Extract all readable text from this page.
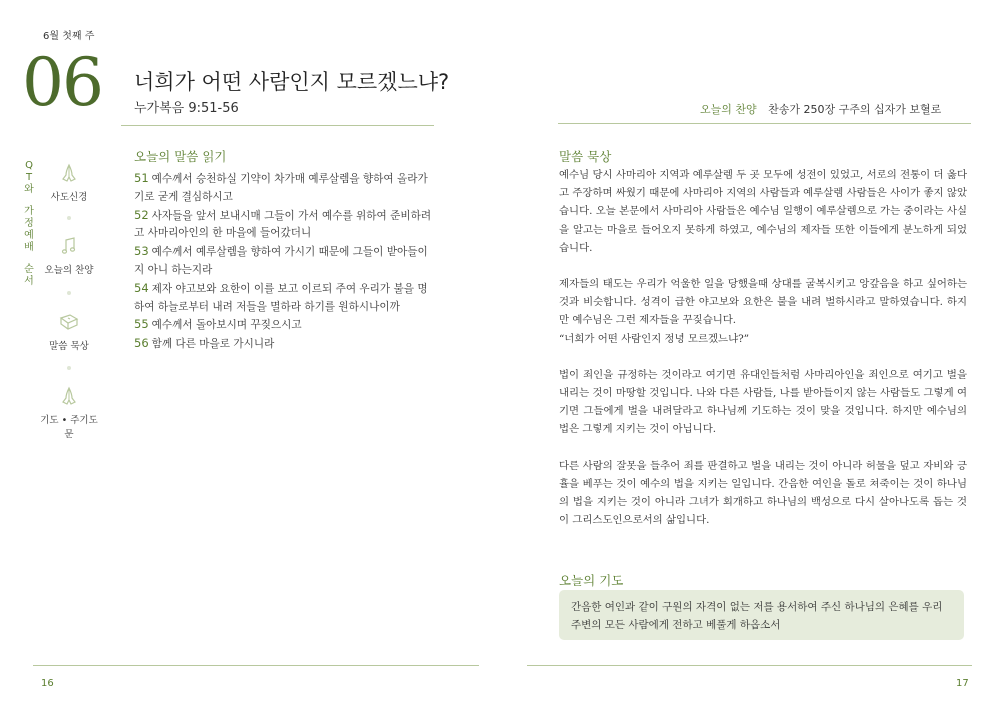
6월 첫째 주
06 너희가 어떤 사람인지 모르겠느냐?
누가복음 9:51-56	오늘의 찬양 찬송가 250장 구주의 십자가 보혈로
Q
T
와
가
정
예
배
순
서
사도신경
오늘의 찬양
말씀 묵상
기도 • 주기도문
오늘의 말씀 읽기
51 예수께서 승천하실 기약이 차가매 예루살렘을 향하여 올라가기로 굳게 결심하시고
52 사자들을 앞서 보내시매 그들이 가서 예수를 위하여 준비하려고 사마리아인의 한 마을에 들어갔더니
53 예수께서 예루살렘을 향하여 가시기 때문에 그들이 받아들이지 아니 하는지라
54 제자 야고보와 요한이 이를 보고 이르되 주여 우리가 불을 명하여 하늘로부터 내려 저들을 멸하라 하기를 원하시나이까
55 예수께서 돌아보시며 꾸짖으시고
56 함께 다른 마을로 가시니라
말씀 묵상

예수님 당시 사마리아 지역과 예루살렘 두 곳 모두에 성전이 있었고, 서로의 전통이 더 옳다고 주장하며 싸웠기 때문에 사마리아 지역의 사람들과 예루살렘 사람들은 사이가 좋지 않았습니다. 오늘 본문에서 사마리아 사람들은 예수님 일행이 예루살렘으로 가는 중이라는 사실을 알고는 마을로 들어오지 못하게 하였고, 예수님의 제자들 또한 이들에게 분노하게 되었습니다.

제자들의 태도는 우리가 억울한 일을 당했을때 상대를 굴복시키고 앙갚음을 하고 싶어하는 것과 비슷합니다. 성격이 급한 야고보와 요한은 불을 내려 벌하시라고 말하였습니다. 하지만 예수님은 그런 제자들을 꾸짖습니다.

“너희가 어떤 사람인지 정녕 모르겠느냐?”

법이 죄인을 규정하는 것이라고 여기면 유대인들처럼 사마리아인을 죄인으로 여기고 벌을 내리는 것이 마땅할 것입니다. 나와 다른 사람들, 나를 받아들이지 않는 사람들도 그렇게 여기면 그들에게 벌을 내려달라고 하나님께 기도하는 것이 맞을 것입니다. 하지만 예수님의 법은 그렇게 지키는 것이 아닙니다.

다른 사람의 잘못을 들추어 죄를 판결하고 벌을 내리는 것이 아니라 허물을 덮고 자비와 긍휼을 베푸는 것이 예수의 법을 지키는 일입니다. 간음한 여인을 돌로 쳐죽이는 것이 하나님의 법을 지키는 것이 아니라 그녀가 회개하고 하나님의 백성으로 다시 살아나도록 돕는 것이 그리스도인으로서의 삶입니다.

오늘의 기도
간음한 여인과 같이 구원의 자격이 없는 저를 용서하여 주신 하나님의 은혜를 우리 주변의 모든 사람에게 전하고 베풀게 하옵소서
16	17
